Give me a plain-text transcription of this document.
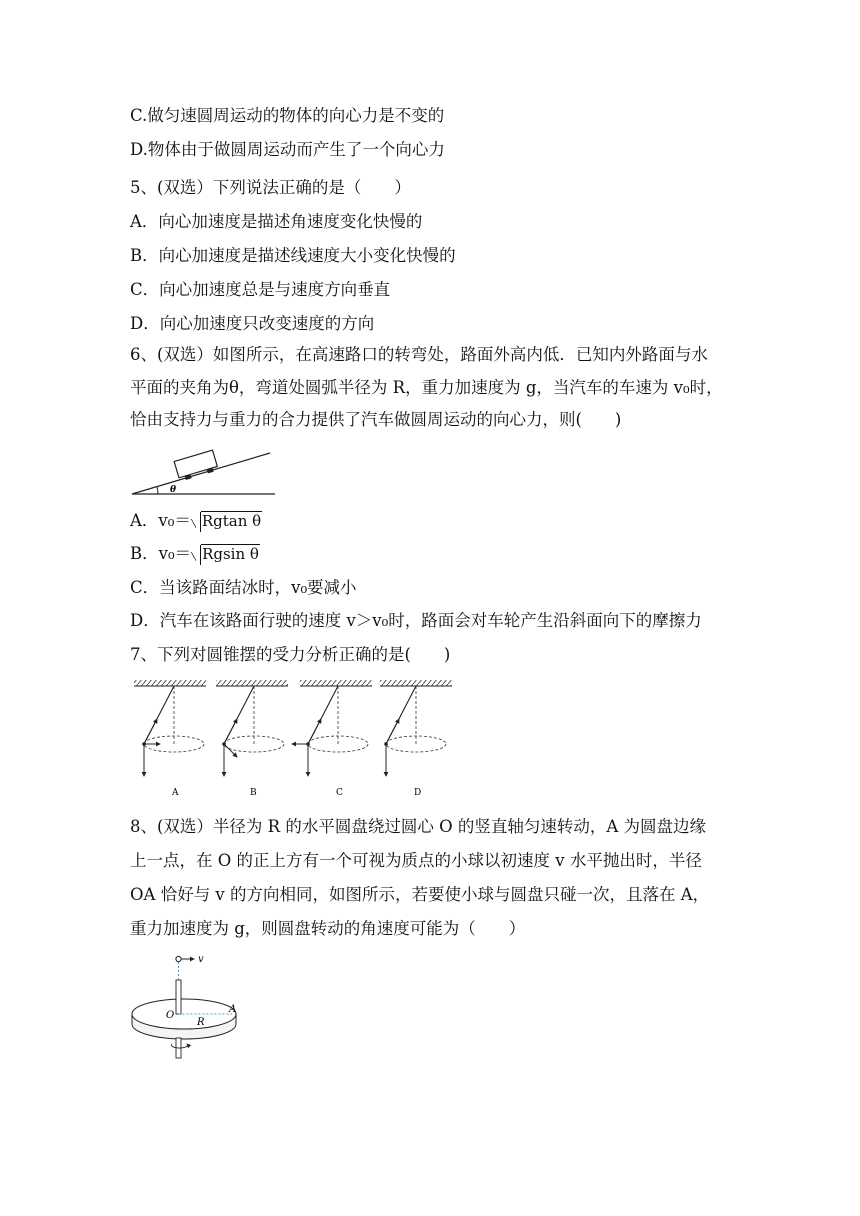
C.做匀速圆周运动的物体的向心力是不变的
D.物体由于做圆周运动而产生了一个向心力
5、(双选）下列说法正确的是（　　）
A．向心加速度是描述角速度变化快慢的
B．向心加速度是描述线速度大小变化快慢的
C．向心加速度总是与速度方向垂直
D．向心加速度只改变速度的方向
6、(双选）如图所示，在高速路口的转弯处，路面外高内低．已知内外路面与水
平面的夹角为θ，弯道处圆弧半径为 R，重力加速度为 g，当汽车的车速为 v₀时，
恰由支持力与重力的合力提供了汽车做圆周运动的向心力，则(　　)
θ
A．v₀＝ Rgtan θ
B．v₀＝ Rgsin θ
C．当该路面结冰时，v₀要减小
D．汽车在该路面行驶的速度 v＞v₀时，路面会对车轮产生沿斜面向下的摩擦力
7、下列对圆锥摆的受力分析正确的是(　　)
A	B	C	D
8、(双选）半径为 R 的水平圆盘绕过圆心 O 的竖直轴匀速转动，A 为圆盘边缘
上一点，在 O 的正上方有一个可视为质点的小球以初速度 v 水平抛出时，半径
OA 恰好与 v 的方向相同，如图所示，若要使小球与圆盘只碰一次，且落在 A，
重力加速度为 g，则圆盘转动的角速度可能为（　　）
v
O
R
A
